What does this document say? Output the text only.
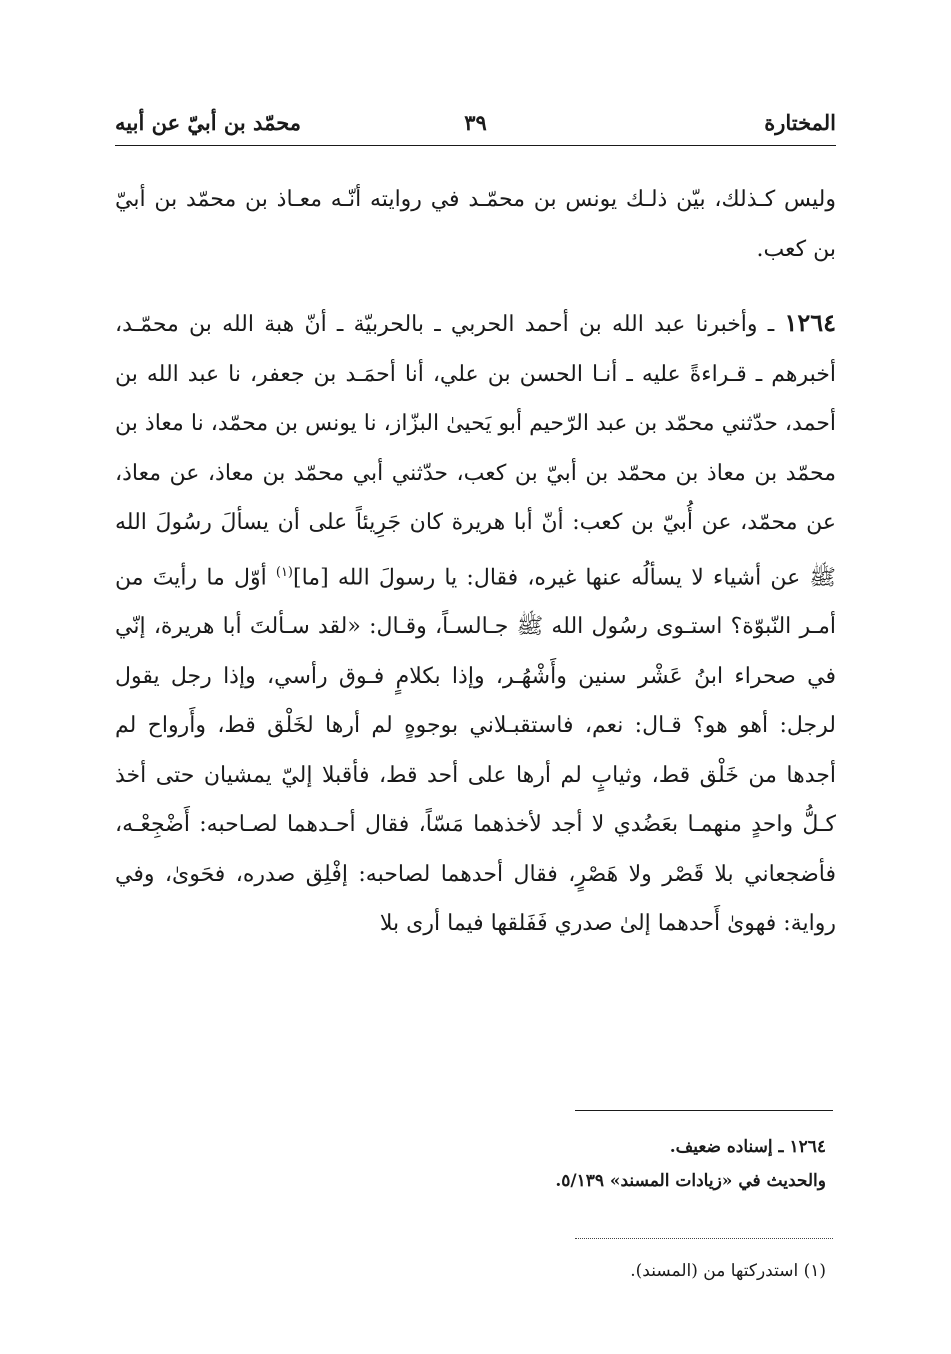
المختارة
٣٩
محمّد بن أبيّ عن أبيه

وليس كـذلك، بيّن ذلـك يونس بن محمّـد في روايته أنّـه معـاذ بن محمّد بن أبيّ بن كعب.

١٢٦٤ ـ وأخبرنا عبد الله بن أحمد الحربي ـ بالحربيّة ـ أنّ هبة الله بن محمّـد، أخبرهم ـ قـراءةً عليه ـ أنـا الحسن بن علي، أنا أحمَـد بن جعفر، نا عبد الله بن أحمد، حدّثني محمّد بن عبد الرّحيم أبو يَحيىٰ البزّاز، نا يونس بن محمّد، نا معاذ بن محمّد بن معاذ بن محمّد بن أبيّ بن كعب، حدّثني أبي محمّد بن معاذ، عن معاذ، عن محمّد، عن أُبيّ بن كعب: أنّ أبا هريرة كان جَرِيئاً على أن يسألَ رسُولَ الله ﷺ عن أشياء لا يسألُه عنها غيره، فقال: يا رسولَ الله [ما]$^{(١)}$ أوّل ما رأيتَ من أمـر النّبوّة؟ استـوى رسُول الله ﷺ جـالسـاً، وقـال: «لقد سـألتَ أبا هريرة، إنّي في صحراء ابنُ عَشْر سنين وأَشْهُـر، وإذا بكلامٍ فـوق رأسي، وإذا رجل يقول لرجل: أهو هو؟ قـال: نعم، فاستقبـلاني بوجوهٍ لم أرها لخَلْق قط، وأَرواح لم أجدها من خَلْق قط، وثيابٍ لم أرها على أحد قط، فأقبلا إليّ يمشيان حتى أخذ كـلُّ واحدٍ منهمـا بعَضُدي لا أجد لأخذهما مَسّاً، فقال أحـدهما لصـاحبه: أَضْجِعْـه، فأضجعاني بلا قَصْر ولا هَصْرٍ، فقال أحدهما لصاحبه: إفْلِق صدره، فحَوىٰ، وفي رواية: فهوىٰ أَحدهما إلىٰ صدري فَفَلقها فيما أرى بلا

١٢٦٤ ـ إسناده ضعيف.
والحديث في «زيادات المسند» ٥/١٣٩.
(١) استدركتها من (المسند).
